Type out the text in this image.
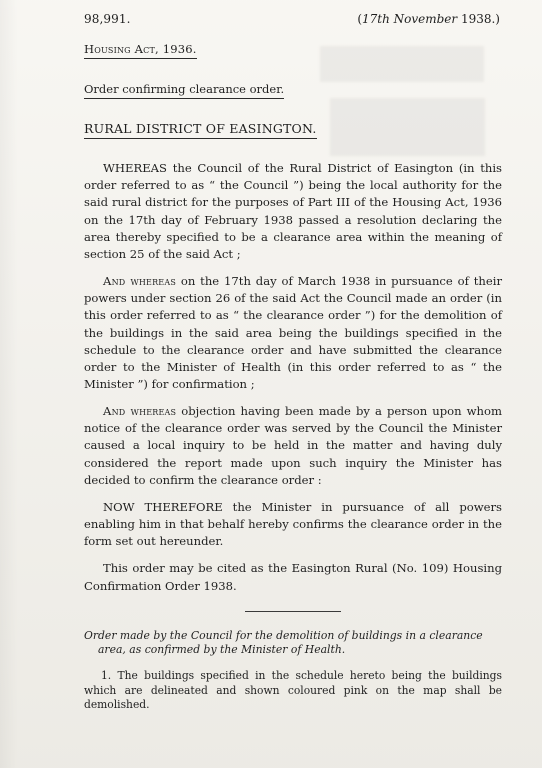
98,991.	(17th November 1938.)
Housing Act, 1936.
Order confirming clearance order.
RURAL DISTRICT OF EASINGTON.

WHEREAS the Council of the Rural District of Easington (in this order referred to as “ the Council ”) being the local authority for the said rural district for the purposes of Part III of the Housing Act, 1936 on the 17th day of February 1938 passed a resolution declaring the area thereby specified to be a clearance area within the meaning of section 25 of the said Act ;

And whereas on the 17th day of March 1938 in pursuance of their powers under section 26 of the said Act the Council made an order (in this order referred to as “ the clearance order ”) for the demolition of the buildings in the said area being the buildings specified in the schedule to the clearance order and have submitted the clearance order to the Minister of Health (in this order referred to as “ the Minister ”) for confirmation ;

And whereas objection having been made by a person upon whom notice of the clearance order was served by the Council the Minister caused a local inquiry to be held in the matter and having duly considered the report made upon such inquiry the Minister has decided to confirm the clearance order :

NOW THEREFORE the Minister in pursuance of all powers enabling him in that behalf hereby confirms the clearance order in the form set out hereunder.

This order may be cited as the Easington Rural (No. 109) Housing Confirmation Order 1938.

Order made by the Council for the demolition of buildings in a clearance
area, as confirmed by the Minister of Health.
1. The buildings specified in the schedule hereto being the buildings which are delineated and shown coloured pink on the map shall be demolished.
